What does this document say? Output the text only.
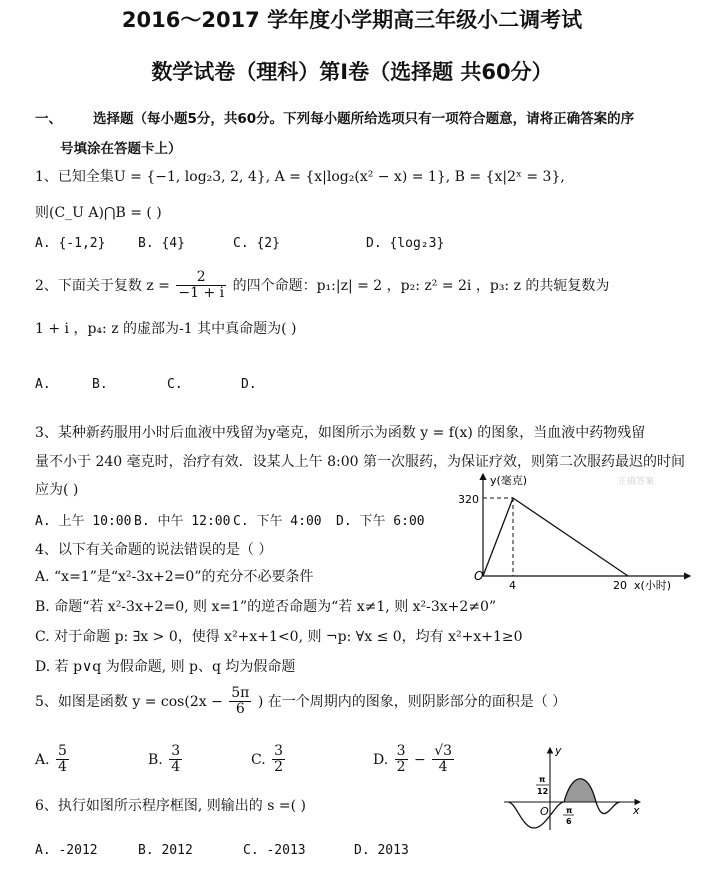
2016～2017 学年度小学期高三年级小二调考试
数学试卷（理科）第Ⅰ卷（选择题 共60分）
一、 选择题（每小题5分，共60分。下列每小题所给选项只有一项符合题意，请将正确答案的序
号填涂在答题卡上）
1、已知全集U = {−1, log₂3, 2, 4}, A = {x|log₂(x² − x) = 1}, B = {x|2ˣ = 3},
则(C_U A)⋂B = ( )
A. {-1,2}	B. {4}	C. {2}	D. {log₂3}
2、下面关于复数 $z = \frac{2}{-1 + i}$ 的四个命题：p₁:|z| = 2 ，p₂: z² = 2i ，p₃: z 的共轭复数为
1 + i ，p₄: z 的虚部为-1 其中真命题为( )
A.	B.	C.	D.
3、某种新药服用小时后血液中残留为y毫克，如图所示为函数 y = f(x) 的图象，当血液中药物残留
量不小于 240 毫克时，治疗有效．设某人上午 8:00 第一次服药，为保证疗效，则第二次服药最迟的时间
应为( )
A. 上午 10:00 B. 中午 12:00 C. 下午 4:00 D. 下午 6:00
y(毫克)
320
正确答案
O
4	20 x(小时)
4、以下有关命题的说法错误的是（ ）
A. “x=1”是“x²-3x+2=0”的充分不必要条件
B. 命题“若 x²-3x+2=0, 则 x=1”的逆否命题为“若 x≠1, 则 x²-3x+2≠0”
C. 对于命题 p: ∃x > 0，使得 x²+x+1<0, 则 ¬p: ∀x ≤ 0，均有 x²+x+1≥0
D. 若 p∨q 为假命题, 则 p、q 均为假命题
5、如图是函数 $y = \cos(2x - \frac{5\pi}{6}$ ) 在一个周期内的图象，则阴影部分的面积是（ ）
A. $\frac{5}{4}$	B. $\frac{3}{4}$	C. $\frac{3}{2}$	D. $\frac{3}{2} - \frac{√3}{4}$	y
x
O
π
12
π
6
6、执行如图所示程序框图, 则输出的 s =( )
A. -2012	B. 2012	C. -2013	D. 2013
